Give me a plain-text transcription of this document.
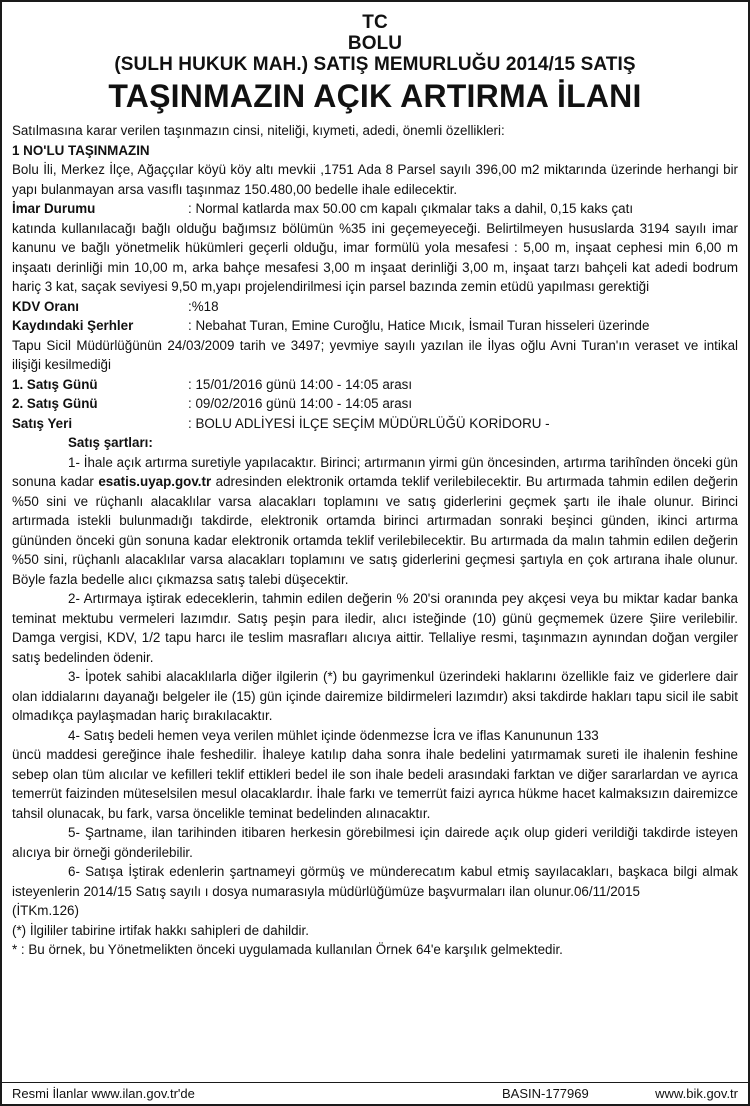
TC
BOLU
(SULH HUKUK MAH.) SATIŞ MEMURLUĞU 2014/15 SATIŞ
TAŞINMAZIN AÇIK ARTIRMA İLANI

Satılmasına karar verilen taşınmazın cinsi, niteliği, kıymeti, adedi, önemli özellikleri:

1 NO'LU TAŞINMAZIN

Bolu İli, Merkez İlçe, Ağaççılar köyü köy altı mevkii ,1751 Ada 8 Parsel sayılı 396,00 m2 miktarında üzerinde herhangi bir yapı bulanmayan arsa vasıflı taşınmaz 150.480,00 bedelle ihale edilecektir.

İmar Durumu	: Normal katlarda max 50.00 cm kapalı çıkmalar taks a dahil, 0,15 kaks çatı

katında kullanılacağı bağlı olduğu bağımsız bölümün %35 ini geçemeyeceği. Belirtilmeyen hususlarda 3194 sayılı imar kanunu ve bağlı yönetmelik hükümleri geçerli olduğu, imar formülü yola mesafesi : 5,00 m, inşaat cephesi min 6,00 m inşaatı derinliği min 10,00 m, arka bahçe mesafesi 3,00 m inşaat derinliği 3,00 m, inşaat tarzı bahçeli kat adedi bodrum hariç 3 kat, saçak seviyesi 9,50 m,yapı projelendirilmesi için parsel bazında zemin etüdü yapılması gerektiği

KDV Oranı	:%18
Kaydındaki Şerhler	: Nebahat Turan, Emine Curoğlu, Hatice Mıcık, İsmail Turan hisseleri üzerinde

Tapu Sicil Müdürlüğünün 24/03/2009 tarih ve 3497; yevmiye sayılı yazılan ile İlyas oğlu Avni Turan'ın veraset ve intikal ilişiği kesilmediği

1. Satış Günü	: 15/01/2016 günü 14:00 - 14:05 arası
2. Satış Günü	: 09/02/2016 günü 14:00 - 14:05 arası
Satış Yeri	: BOLU ADLİYESİ İLÇE SEÇİM MÜDÜRLÜĞÜ KORİDORU -

Satış şartları:

1- İhale açık artırma suretiyle yapılacaktır. Birinci; artırmanın yirmi gün öncesinden, artırma tarihînden önceki gün sonuna kadar esatis.uyap.gov.tr adresinden elektronik ortamda teklif verilebilecektir. Bu artırmada tahmin edilen değerin %50 sini ve rüçhanlı alacaklılar varsa alacakları toplamını ve satış giderlerini geçmek şartı ile ihale olunur. Birinci artırmada istekli bulunmadığı takdirde, elektronik ortamda birinci artırmadan sonraki beşinci günden, ikinci artırma gününden önceki gün sonuna kadar elektronik ortamda teklif verilebilecektir. Bu artırmada da malın tahmin edilen değerin %50 sini, rüçhanlı alacaklılar varsa alacakları toplamını ve satış giderlerini geçmesi şartıyla en çok artırana ihale olunur. Böyle fazla bedelle alıcı çıkmazsa satış talebi düşecektir.

2- Artırmaya iştirak edeceklerin, tahmin edilen değerin % 20'si oranında pey akçesi veya bu miktar kadar banka teminat mektubu vermeleri lazımdır. Satış peşin para iledir, alıcı isteğinde (10) günü geçmemek üzere Şiire verilebilir. Damga vergisi, KDV, 1/2 tapu harcı ile teslim masrafları alıcıya aittir. Tellaliye resmi, taşınmazın aynından doğan vergiler satış bedelinden ödenir.

3- İpotek sahibi alacaklılarla diğer ilgilerin (*) bu gayrimenkul üzerindeki haklarını özellikle faiz ve giderlere dair olan iddialarını dayanağı belgeler ile (15) gün içinde dairemize bildirmeleri lazımdır) aksi takdirde hakları tapu sicil ile sabit olmadıkça paylaşmadan hariç bırakılacaktır.

4- Satış bedeli hemen veya verilen mühlet içinde ödenmezse İcra ve iflas Kanununun 133

üncü maddesi gereğince ihale feshedilir. İhaleye katılıp daha sonra ihale bedelini yatırmamak sureti ile ihalenin feshine sebep olan tüm alıcılar ve kefilleri teklif ettikleri bedel ile son ihale bedeli arasındaki farktan ve diğer sararlardan ve ayrıca temerrüt faizinden müteselsilen mesul olacaklardır. İhale farkı ve temerrüt faizi ayrıca hükme hacet kalmaksızın dairemizce tahsil olunacak, bu fark, varsa öncelikle teminat bedelinden alınacaktır.

5- Şartname, ilan tarihinden itibaren herkesin görebilmesi için dairede açık olup gideri verildiği takdirde isteyen alıcıya bir örneği gönderilebilir.

6- Satışa İştirak edenlerin şartnameyi görmüş ve münderecatım kabul etmiş sayılacakları, başkaca bilgi almak isteyenlerin 2014/15 Satış sayılı ı dosya numarasıyla müdürlüğümüze başvurmaları ilan olunur.06/11/2015

(İTKm.126)

(*) İlgililer tabirine irtifak hakkı sahipleri de dahildir.

* : Bu örnek, bu Yönetmelikten önceki uygulamada kullanılan Örnek 64'e karşılık gelmektedir.

Resmi İlanlar www.ilan.gov.tr'de	BASIN-177969	www.bik.gov.tr
